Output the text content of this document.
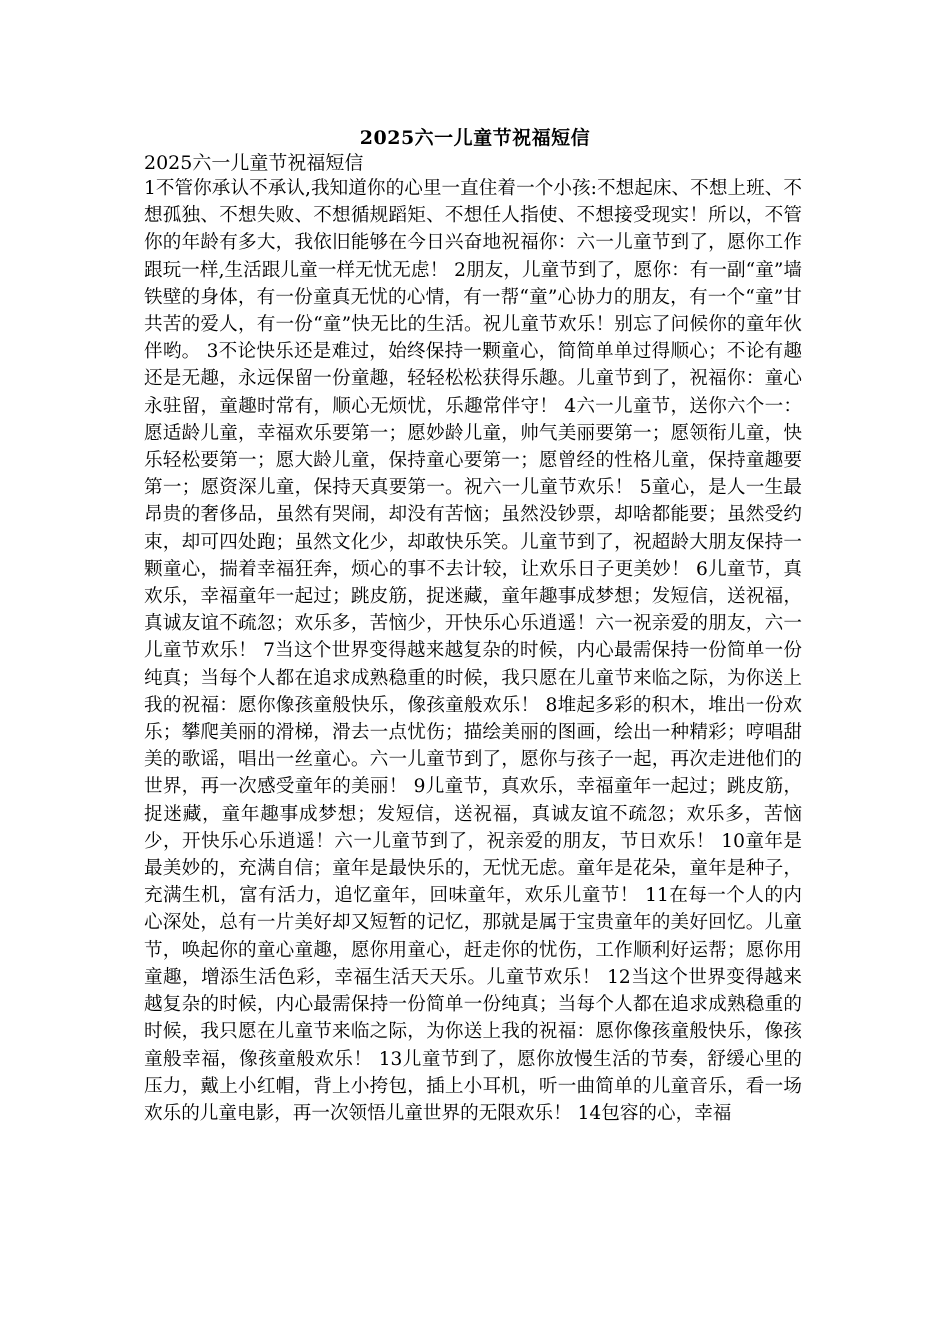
2025六一儿童节祝福短信
2025六一儿童节祝福短信
1不管你承认不承认,我知道你的心里一直住着一个小孩:不想起床、不想上班、不想孤独、不想失败、不想循规蹈矩、不想任人指使、不想接受现实！所以，不管你的年龄有多大，我依旧能够在今日兴奋地祝福你：六一儿童节到了，愿你工作跟玩一样,生活跟儿童一样无忧无虑！ 2朋友，儿童节到了，愿你：有一副“童”墙铁壁的身体，有一份童真无忧的心情，有一帮“童”心协力的朋友，有一个“童”甘共苦的爱人，有一份“童”快无比的生活。祝儿童节欢乐！别忘了问候你的童年伙伴哟。 3不论快乐还是难过，始终保持一颗童心，简简单单过得顺心；不论有趣还是无趣，永远保留一份童趣，轻轻松松获得乐趣。儿童节到了，祝福你：童心永驻留，童趣时常有，顺心无烦忧，乐趣常伴守！ 4六一儿童节，送你六个一：愿适龄儿童，幸福欢乐要第一；愿妙龄儿童，帅气美丽要第一；愿领衔儿童，快乐轻松要第一；愿大龄儿童，保持童心要第一；愿曾经的性格儿童，保持童趣要第一；愿资深儿童，保持天真要第一。祝六一儿童节欢乐！ 5童心，是人一生最昂贵的奢侈品，虽然有哭闹，却没有苦恼；虽然没钞票，却啥都能要；虽然受约束，却可四处跑；虽然文化少，却敢快乐笑。儿童节到了，祝超龄大朋友保持一颗童心，揣着幸福狂奔，烦心的事不去计较，让欢乐日子更美妙！ 6儿童节，真欢乐，幸福童年一起过；跳皮筋，捉迷藏，童年趣事成梦想；发短信，送祝福，真诚友谊不疏忽；欢乐多，苦恼少，开快乐心乐逍遥！六一祝亲爱的朋友，六一儿童节欢乐！ 7当这个世界变得越来越复杂的时候，内心最需保持一份简单一份纯真；当每个人都在追求成熟稳重的时候，我只愿在儿童节来临之际，为你送上我的祝福：愿你像孩童般快乐，像孩童般欢乐！ 8堆起多彩的积木，堆出一份欢乐；攀爬美丽的滑梯，滑去一点忧伤；描绘美丽的图画，绘出一种精彩；哼唱甜美的歌谣，唱出一丝童心。六一儿童节到了，愿你与孩子一起，再次走进他们的世界，再一次感受童年的美丽！ 9儿童节，真欢乐，幸福童年一起过；跳皮筋，捉迷藏，童年趣事成梦想；发短信，送祝福，真诚友谊不疏忽；欢乐多，苦恼少，开快乐心乐逍遥！六一儿童节到了，祝亲爱的朋友，节日欢乐！ 10童年是最美妙的，充满自信；童年是最快乐的，无忧无虑。童年是花朵，童年是种子，充满生机，富有活力，追忆童年，回味童年，欢乐儿童节！ 11在每一个人的内心深处，总有一片美好却又短暂的记忆，那就是属于宝贵童年的美好回忆。儿童节，唤起你的童心童趣，愿你用童心，赶走你的忧伤，工作顺利好运帮；愿你用童趣，增添生活色彩，幸福生活天天乐。儿童节欢乐！ 12当这个世界变得越来越复杂的时候，内心最需保持一份简单一份纯真；当每个人都在追求成熟稳重的时候，我只愿在儿童节来临之际，为你送上我的祝福：愿你像孩童般快乐，像孩童般幸福，像孩童般欢乐！ 13儿童节到了，愿你放慢生活的节奏，舒缓心里的压力，戴上小红帽，背上小挎包，插上小耳机，听一曲简单的儿童音乐，看一场欢乐的儿童电影，再一次领悟儿童世界的无限欢乐！ 14包容的心，幸福
